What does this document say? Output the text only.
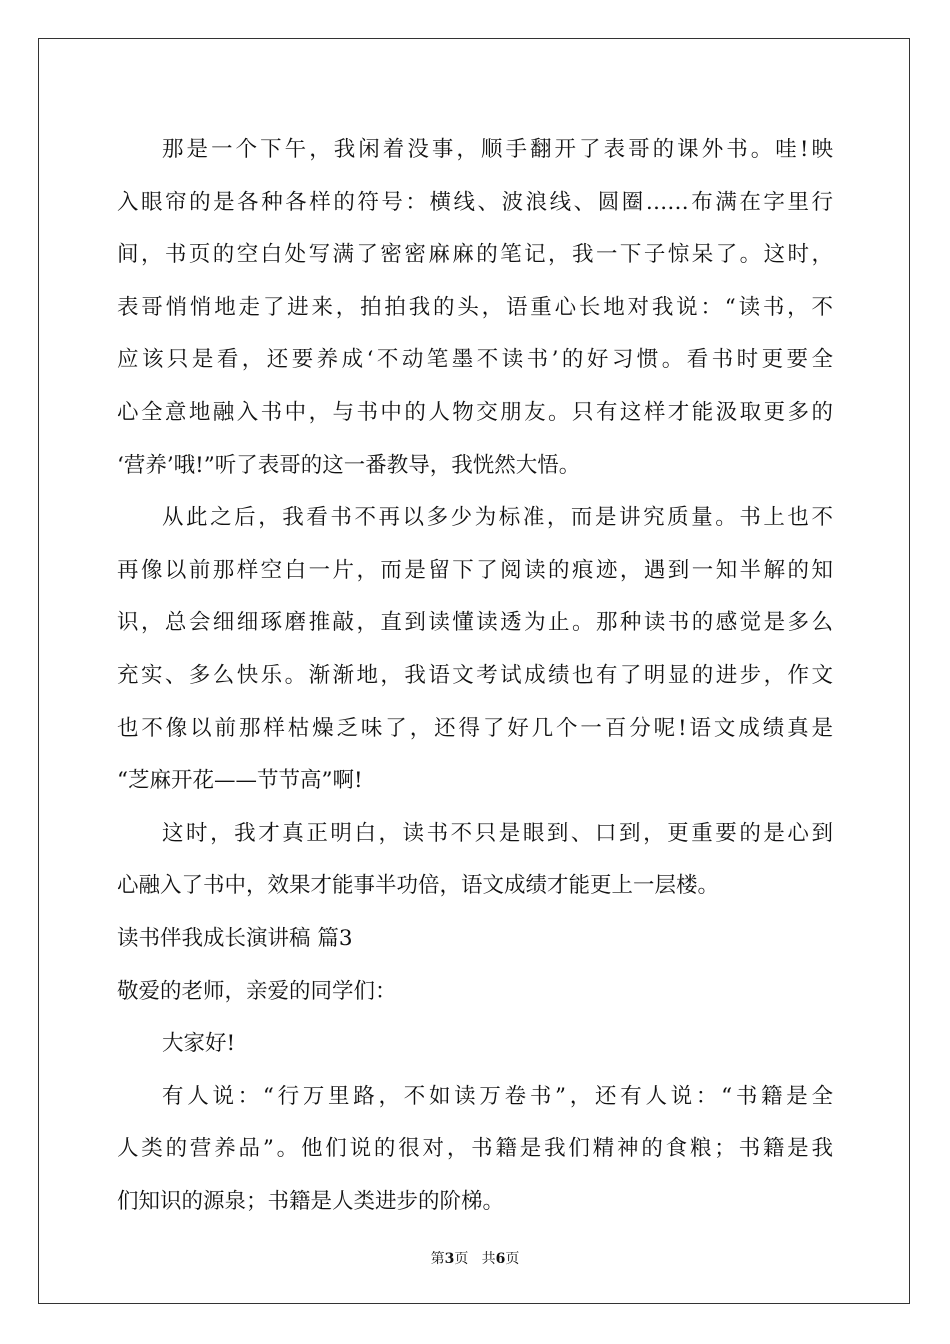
那是一个下午，我闲着没事，顺手翻开了表哥的课外书。哇!映
入眼帘的是各种各样的符号：横线、波浪线、圆圈……布满在字里行
间，书页的空白处写满了密密麻麻的笔记，我一下子惊呆了。这时，
表哥悄悄地走了进来，拍拍我的头，语重心长地对我说：“读书，不
应该只是看，还要养成‘不动笔墨不读书’的好习惯。看书时更要全
心全意地融入书中，与书中的人物交朋友。只有这样才能汲取更多的
‘营养’哦!”听了表哥的这一番教导，我恍然大悟。
从此之后，我看书不再以多少为标准，而是讲究质量。书上也不
再像以前那样空白一片，而是留下了阅读的痕迹，遇到一知半解的知
识，总会细细琢磨推敲，直到读懂读透为止。那种读书的感觉是多么
充实、多么快乐。渐渐地，我语文考试成绩也有了明显的进步，作文
也不像以前那样枯燥乏味了，还得了好几个一百分呢!语文成绩真是
“芝麻开花——节节高”啊!
这时，我才真正明白，读书不只是眼到、口到，更重要的是心到
心融入了书中，效果才能事半功倍，语文成绩才能更上一层楼。
读书伴我成长演讲稿 篇3
敬爱的老师，亲爱的同学们：
大家好!
有人说：“行万里路，不如读万卷书”，还有人说：“书籍是全
人类的营养品”。他们说的很对，书籍是我们精神的食粮；书籍是我
们知识的源泉；书籍是人类进步的阶梯。
第3页 共6页
